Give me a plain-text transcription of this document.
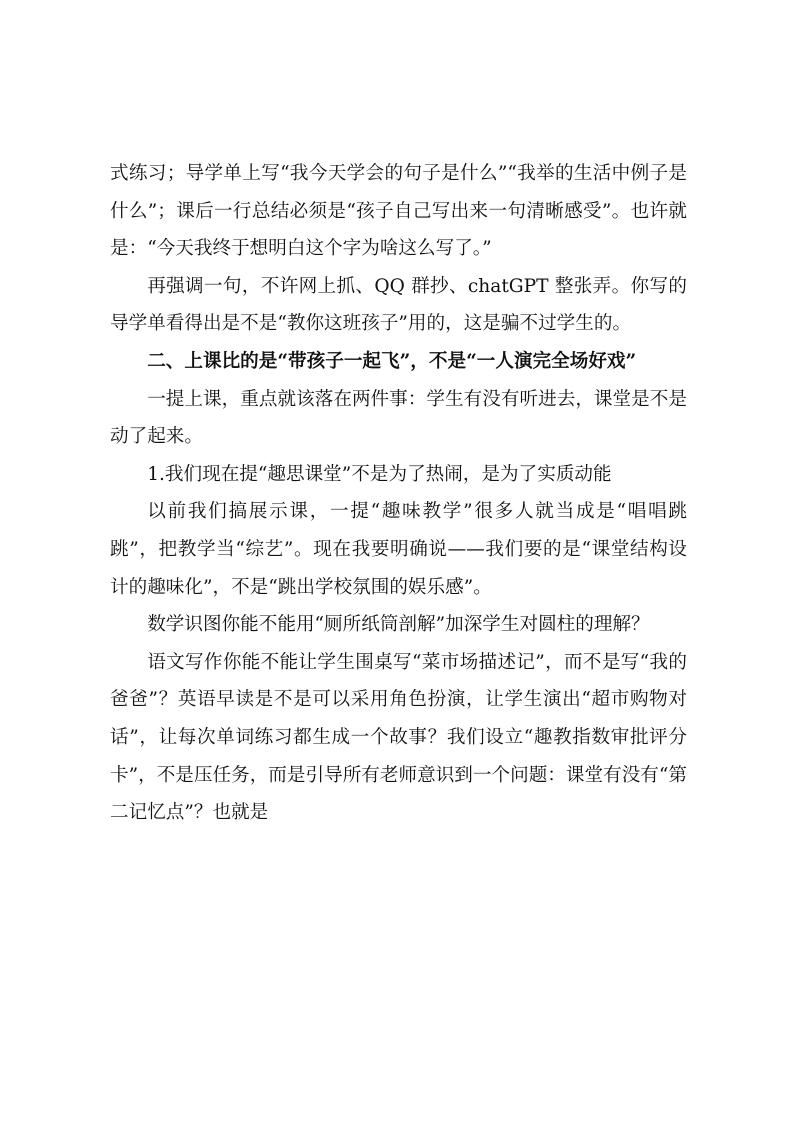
式练习；导学单上写“我今天学会的句子是什么”“我举的生活中例子是什么”；课后一行总结必须是“孩子自己写出来一句清晰感受”。也许就是：“今天我终于想明白这个字为啥这么写了。”

再强调一句，不许网上抓、QQ 群抄、chatGPT 整张弄。你写的导学单看得出是不是“教你这班孩子”用的，这是骗不过学生的。

二、上课比的是“带孩子一起飞”，不是“一人演完全场好戏”

一提上课，重点就该落在两件事：学生有没有听进去，课堂是不是动了起来。

1.我们现在提“趣思课堂”不是为了热闹，是为了实质动能

以前我们搞展示课，一提“趣味教学”很多人就当成是“唱唱跳跳”，把教学当“综艺”。现在我要明确说——我们要的是“课堂结构设计的趣味化”，不是“跳出学校氛围的娱乐感”。

数学识图你能不能用“厕所纸筒剖解”加深学生对圆柱的理解？

语文写作你能不能让学生围桌写“菜市场描述记”，而不是写“我的爸爸”？英语早读是不是可以采用角色扮演，让学生演出“超市购物对话”，让每次单词练习都生成一个故事？我们设立“趣教指数审批评分卡”，不是压任务，而是引导所有老师意识到一个问题：课堂有没有“第二记忆点”？也就是
